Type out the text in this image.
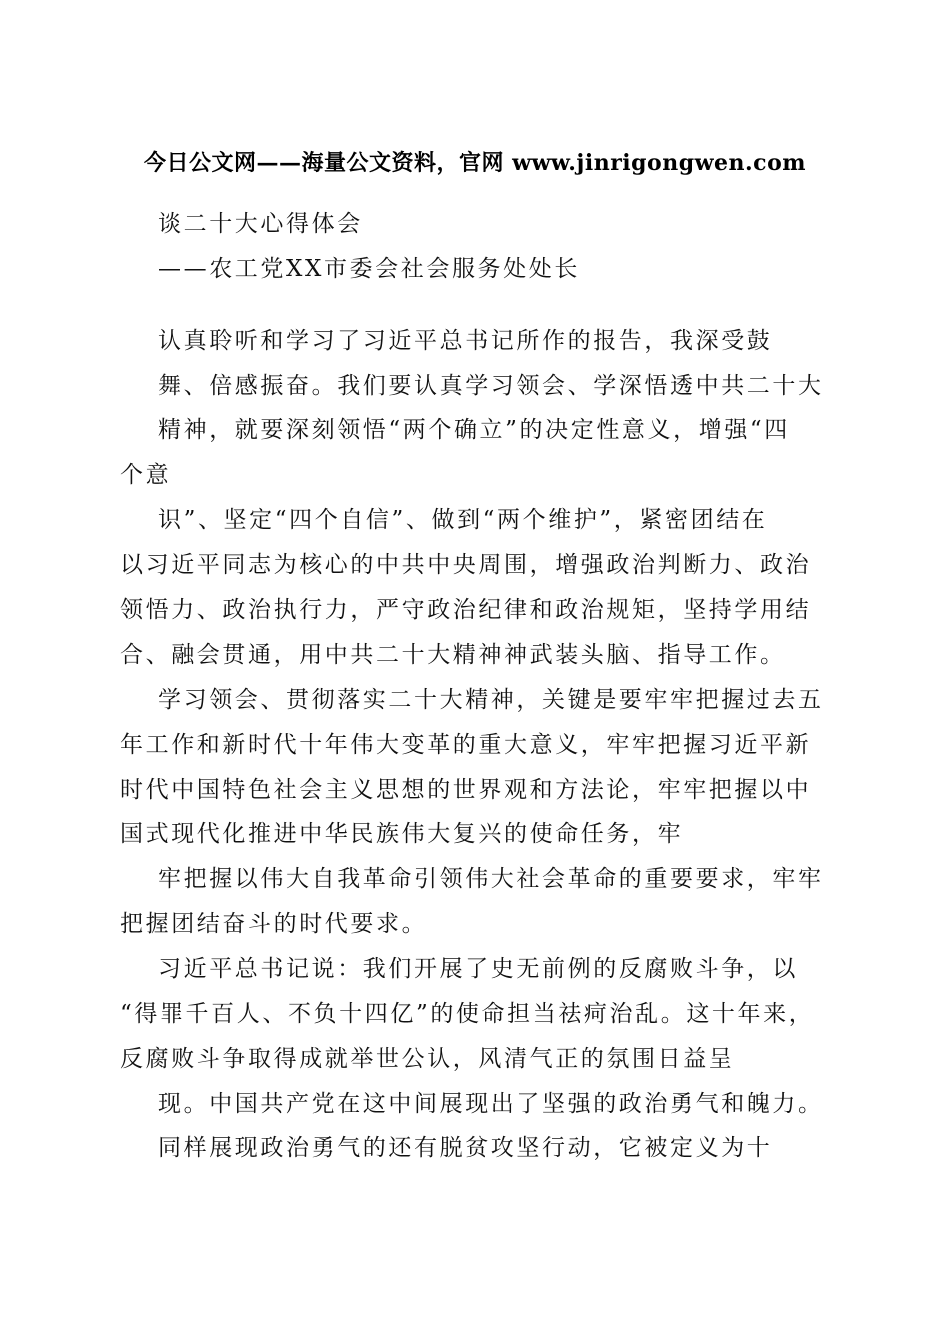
今日公文网——海量公文资料，官网 www.jinrigongwen.com
谈二十大心得体会
——农工党XX市委会社会服务处处长
认真聆听和学习了习近平总书记所作的报告，我深受鼓
舞、倍感振奋。我们要认真学习领会、学深悟透中共二十大
精神，就要深刻领悟“两个确立”的决定性意义，增强“四
个意
识”、坚定“四个自信”、做到“两个维护”，紧密团结在
以习近平同志为核心的中共中央周围，增强政治判断力、政治
领悟力、政治执行力，严守政治纪律和政治规矩，坚持学用结
合、融会贯通，用中共二十大精神神武装头脑、指导工作。
学习领会、贯彻落实二十大精神，关键是要牢牢把握过去五
年工作和新时代十年伟大变革的重大意义，牢牢把握习近平新
时代中国特色社会主义思想的世界观和方法论，牢牢把握以中
国式现代化推进中华民族伟大复兴的使命任务，牢
牢把握以伟大自我革命引领伟大社会革命的重要要求，牢牢
把握团结奋斗的时代要求。
习近平总书记说：我们开展了史无前例的反腐败斗争，以
“得罪千百人、不负十四亿”的使命担当祛疴治乱。这十年来，
反腐败斗争取得成就举世公认，风清气正的氛围日益呈
现。中国共产党在这中间展现出了坚强的政治勇气和魄力。
同样展现政治勇气的还有脱贫攻坚行动，它被定义为十
